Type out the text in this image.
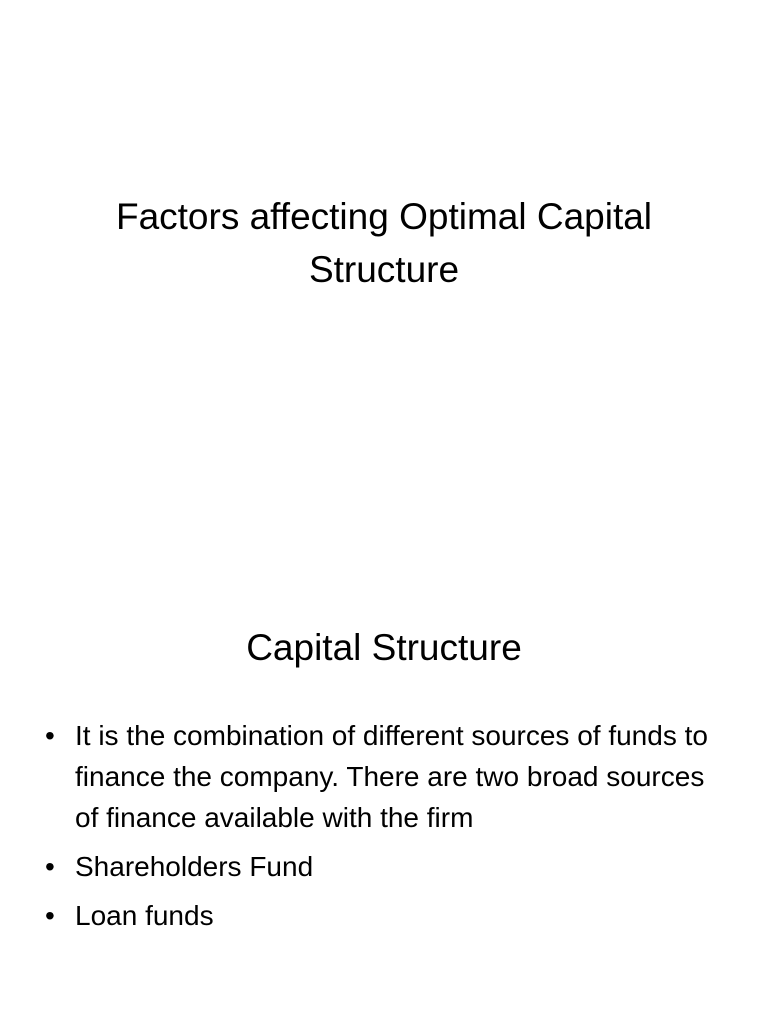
Factors affecting Optimal Capital Structure
Capital Structure
• It is the combination of different sources of funds to finance the company. There are two broad sources of finance available with the firm
• Shareholders Fund
• Loan funds
